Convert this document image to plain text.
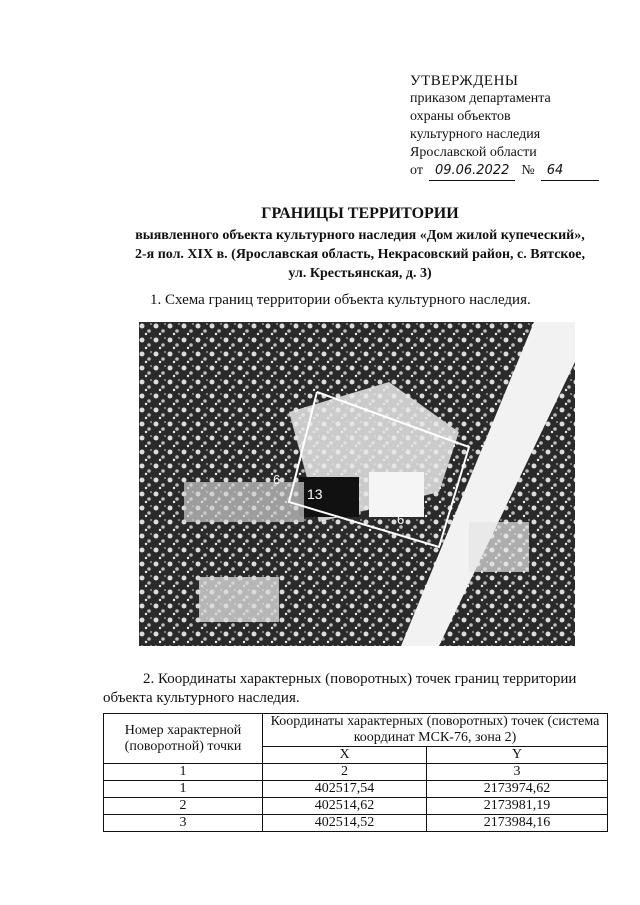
УТВЕРЖДЕНЫ
приказом департамента
охраны объектов
культурного наследия
Ярославской области
от 09.06.2022 № 64
ГРАНИЦЫ ТЕРРИТОРИИ
выявленного объекта культурного наследия «Дом жилой купеческий»,
2-я пол. XIX в. (Ярославская область, Некрасовский район, с. Вятское,
ул. Крестьянская, д. 3)
1. Схема границ территории объекта культурного наследия.
6
13
6
2. Координаты характерных (поворотных) точек границ территории
объекта культурного наследия.
Номер характерной (поворотной) точки	Координаты характерных (поворотных) точек (система координат МСК-76, зона 2)	
	X	Y
1	2	3
1	402517,54	2173974,62
2	402514,62	2173981,19
3	402514,52	2173984,16
